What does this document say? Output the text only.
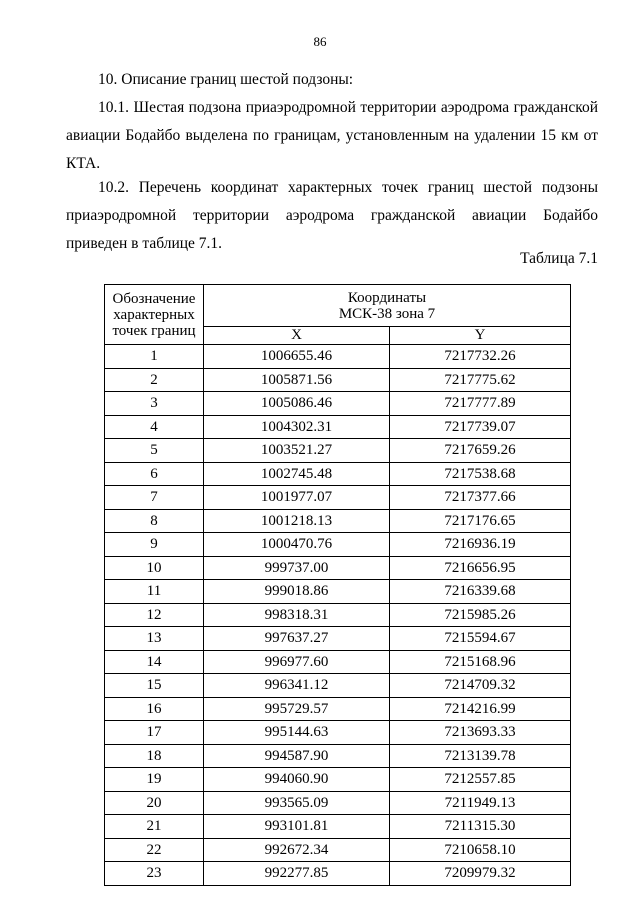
86

10. Описание границ шестой подзоны:

10.1. Шестая подзона приаэродромной территории аэродрома гражданской авиации Бодайбо выделена по границам, установленным на удалении 15 км от КТА.

10.2. Перечень координат характерных точек границ шестой подзоны приаэродромной территории аэродрома гражданской авиации Бодайбо приведен в таблице 7.1.

Таблица 7.1
Обозначение
характерных
точек границ	Координаты
МСК-38 зона 7	

	X	Y
1	1006655.46	7217732.26
2	1005871.56	7217775.62
3	1005086.46	7217777.89
4	1004302.31	7217739.07
5	1003521.27	7217659.26
6	1002745.48	7217538.68
7	1001977.07	7217377.66
8	1001218.13	7217176.65
9	1000470.76	7216936.19
10	999737.00	7216656.95
11	999018.86	7216339.68
12	998318.31	7215985.26
13	997637.27	7215594.67
14	996977.60	7215168.96
15	996341.12	7214709.32
16	995729.57	7214216.99
17	995144.63	7213693.33
18	994587.90	7213139.78
19	994060.90	7212557.85
20	993565.09	7211949.13
21	993101.81	7211315.30
22	992672.34	7210658.10
23	992277.85	7209979.32
